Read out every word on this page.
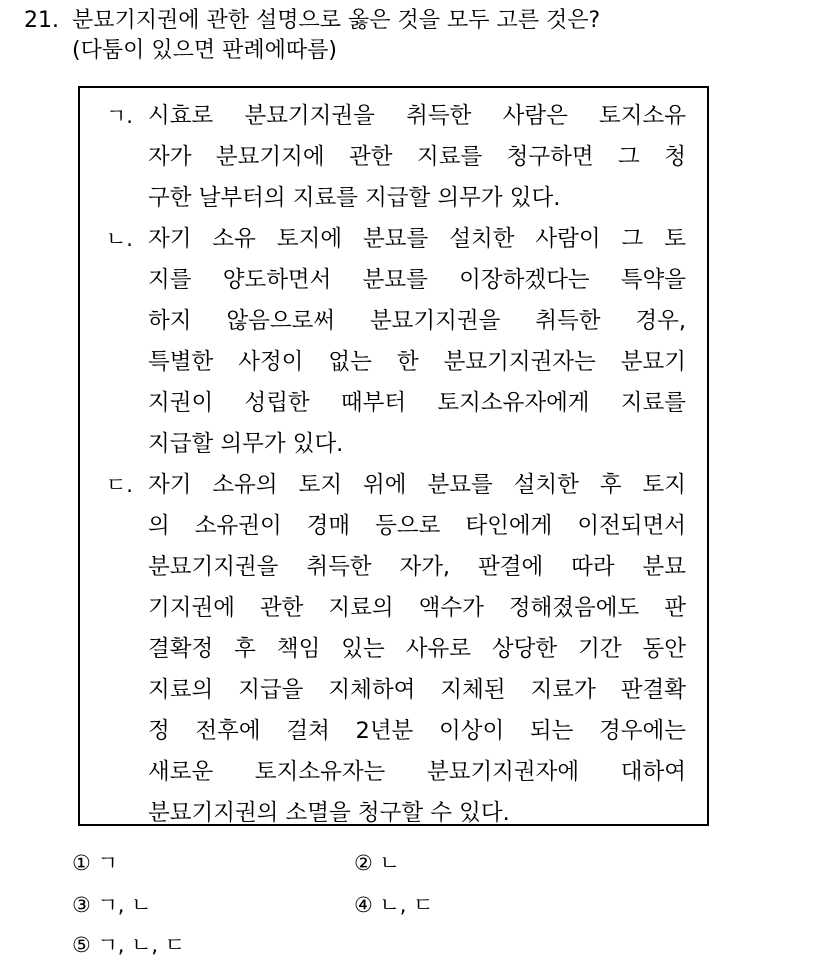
21. 분묘기지권에 관한 설명으로 옳은 것을 모두 고른 것은?
(다툼이 있으면 판례에따름)
ㄱ. 시효로 분묘기지권을 취득한 사람은 토지소유
자가 분묘기지에 관한 지료를 청구하면 그 청
구한 날부터의 지료를 지급할 의무가 있다.
ㄴ. 자기 소유 토지에 분묘를 설치한 사람이 그 토
지를 양도하면서 분묘를 이장하겠다는 특약을
하지 않음으로써 분묘기지권을 취득한 경우,
특별한 사정이 없는 한 분묘기지권자는 분묘기
지권이 성립한 때부터 토지소유자에게 지료를
지급할 의무가 있다.
ㄷ. 자기 소유의 토지 위에 분묘를 설치한 후 토지
의 소유권이 경매 등으로 타인에게 이전되면서
분묘기지권을 취득한 자가, 판결에 따라 분묘
기지권에 관한 지료의 액수가 정해졌음에도 판
결확정 후 책임 있는 사유로 상당한 기간 동안
지료의 지급을 지체하여 지체된 지료가 판결확
정 전후에 걸쳐 2년분 이상이 되는 경우에는
새로운 토지소유자는 분묘기지권자에 대하여
분묘기지권의 소멸을 청구할 수 있다.
① ㄱ	② ㄴ
③ ㄱ, ㄴ	④ ㄴ, ㄷ
⑤ ㄱ, ㄴ, ㄷ
